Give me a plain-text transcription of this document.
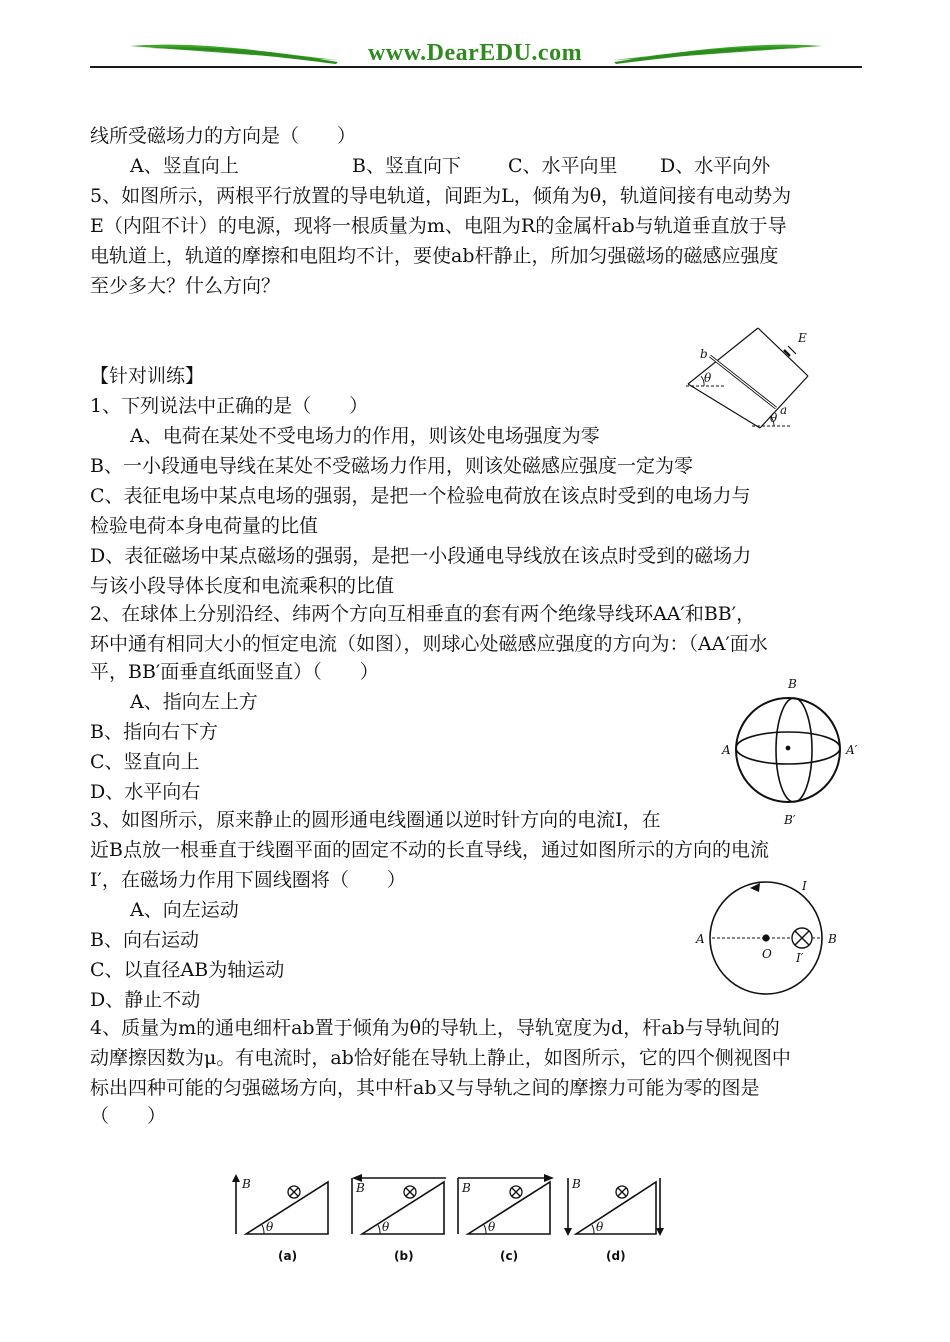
www.DearEDU.com
线所受磁场力的方向是（　　）
A、竖直向上	B、竖直向下 C、水平向里 D、水平向外
5、如图所示，两根平行放置的导电轨道，间距为L，倾角为θ，轨道间接有电动势为
E（内阻不计）的电源，现将一根质量为m、电阻为R的金属杆ab与轨道垂直放于导
电轨道上，轨道的摩擦和电阻均不计，要使ab杆静止，所加匀强磁场的磁感应强度
至少多大？什么方向？
E
b
a
θ
θ
【针对训练】
1、下列说法中正确的是（　　）
A、电荷在某处不受电场力的作用，则该处电场强度为零
B、一小段通电导线在某处不受磁场力作用，则该处磁感应强度一定为零
C、表征电场中某点电场的强弱，是把一个检验电荷放在该点时受到的电场力与
检验电荷本身电荷量的比值
D、表征磁场中某点磁场的强弱，是把一小段通电导线放在该点时受到的磁场力
与该小段导体长度和电流乘积的比值
2、在球体上分别沿经、纬两个方向互相垂直的套有两个绝缘导线环AA′和BB′，
环中通有相同大小的恒定电流（如图），则球心处磁感应强度的方向为：（AA′面水
平，BB′面垂直纸面竖直）（　　）
A、指向左上方
B、指向右下方
C、竖直向上
D、水平向右
B
A	A′
B′
3、如图所示，原来静止的圆形通电线圈通以逆时针方向的电流I，在
近B点放一根垂直于线圈平面的固定不动的长直导线，通过如图所示的方向的电流
I′，在磁场力作用下圆线圈将（　　）
A、向左运动
B、向右运动
C、以直径AB为轴运动
D、静止不动
A	B
O
I
I′
4、质量为m的通电细杆ab置于倾角为θ的导轨上，导轨宽度为d，杆ab与导轨间的
动摩擦因数为μ。有电流时，ab恰好能在导轨上静止，如图所示，它的四个侧视图中
标出四种可能的匀强磁场方向，其中杆ab又与导轨之间的摩擦力可能为零的图是
（　　）
B
θ
(a)
B
θ
(b)
B
θ
(c)
B
θ
(d)
